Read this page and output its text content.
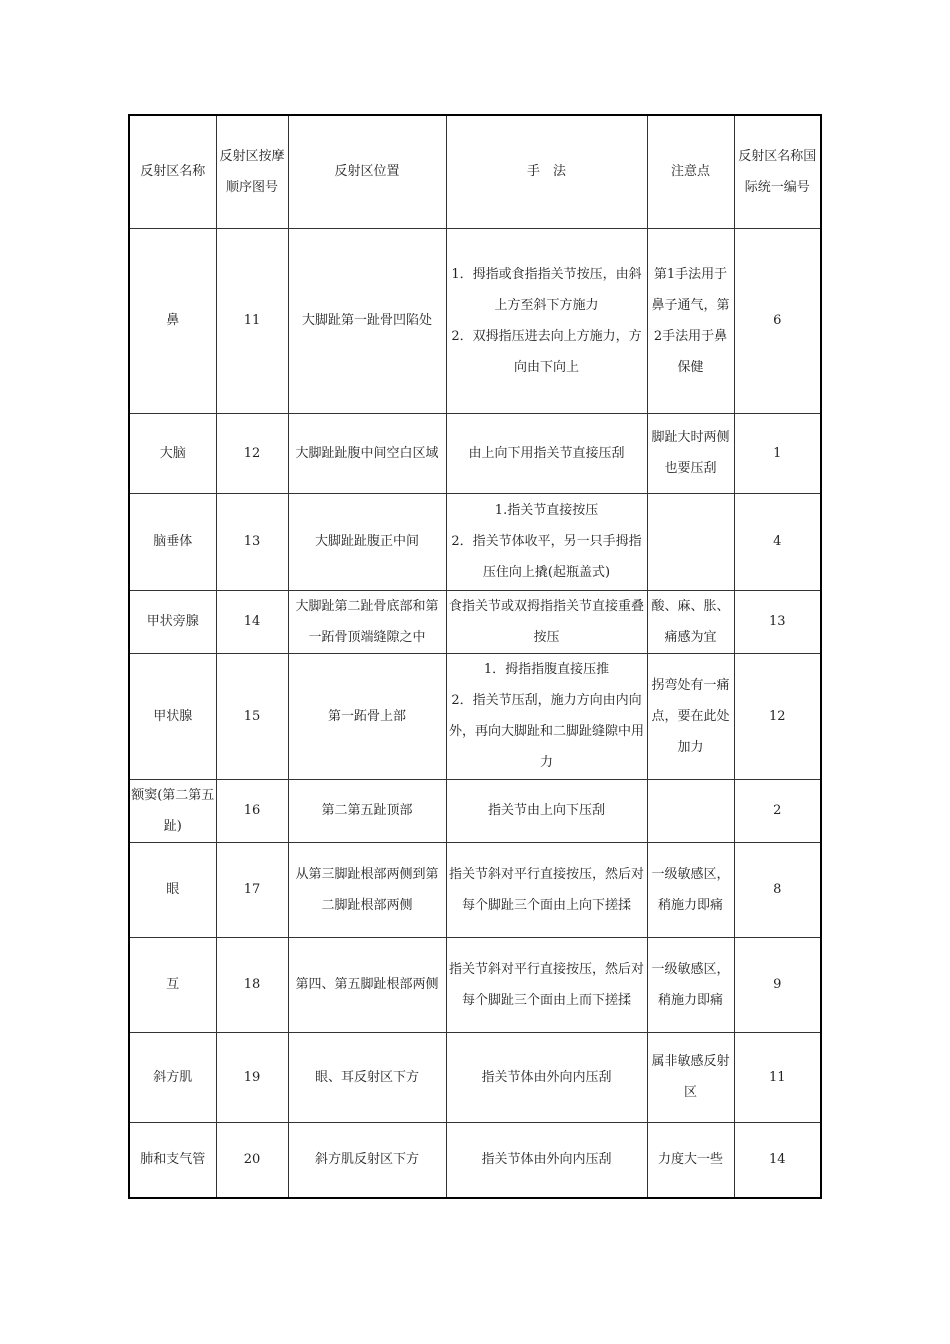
反射区名称	反射区按摩顺序图号	反射区位置	手　法	注意点	反射区名称国际统一编号
鼻	11	大脚趾第一趾骨凹陷处	1．拇指或食指指关节按压，由斜上方至斜下方施力
2．双拇指压进去向上方施力，方向由下向上	第1手法用于鼻子通气，第2手法用于鼻保健	6
大脑	12	大脚趾趾腹中间空白区域	由上向下用指关节直接压刮	脚趾大时两侧也要压刮	1
脑垂体	13	大脚趾趾腹正中间	1.指关节直接按压
2．指关节体收平，另一只手拇指压住向上撬(起瓶盖式)		4
甲状旁腺	14	大脚趾第二趾骨底部和第一跖骨顶端缝隙之中	食指关节或双拇指指关节直接重叠按压	酸、麻、胀、痛感为宜	13
甲状腺	15	第一跖骨上部	1．拇指指腹直接压推
2．指关节压刮，施力方向由内向外，再向大脚趾和二脚趾缝隙中用力	拐弯处有一痛点，要在此处加力	12
额窦(第二第五趾)	16	第二第五趾顶部	指关节由上向下压刮		2
眼	17	从第三脚趾根部两侧到第二脚趾根部两侧	指关节斜对平行直接按压，然后对每个脚趾三个面由上向下搓揉	一级敏感区，稍施力即痛	8
互	18	第四、第五脚趾根部两侧	指关节斜对平行直接按压，然后对每个脚趾三个面由上而下搓揉	一级敏感区，稍施力即痛	9
斜方肌	19	眼、耳反射区下方	指关节体由外向内压刮	属非敏感反射区	11
肺和支气管	20	斜方肌反射区下方	指关节体由外向内压刮	力度大一些	14
